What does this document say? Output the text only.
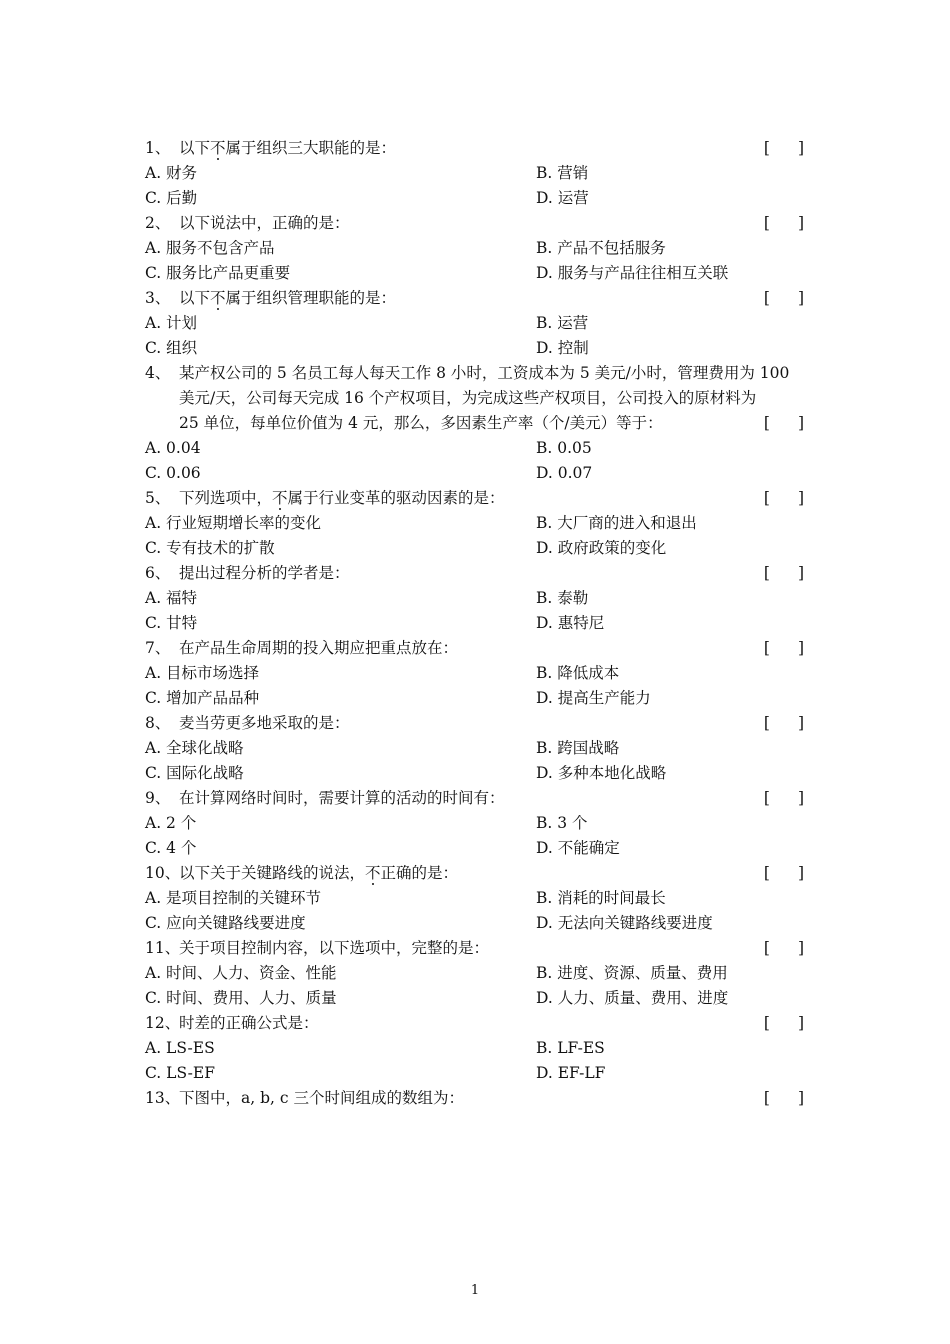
1、 以下不属于组织三大职能的是：	[ ]
A. 财务	B. 营销
C. 后勤	D. 运营
2、 以下说法中，正确的是：	[ ]
A. 服务不包含产品	B. 产品不包括服务
C. 服务比产品更重要	D. 服务与产品往往相互关联
3、 以下不属于组织管理职能的是：	[ ]
A. 计划	B. 运营
C. 组织	D. 控制
4、 某产权公司的 5 名员工每人每天工作 8 小时，工资成本为 5 美元/小时，管理费用为 100
美元/天，公司每天完成 16 个产权项目，为完成这些产权项目，公司投入的原材料为
25 单位，每单位价值为 4 元，那么，多因素生产率（个/美元）等于：	[ ]
A. 0.04	B. 0.05
C. 0.06	D. 0.07
5、 下列选项中，不属于行业变革的驱动因素的是：	[ ]
A. 行业短期增长率的变化	B. 大厂商的进入和退出
C. 专有技术的扩散	D. 政府政策的变化
6、 提出过程分析的学者是：	[ ]
A. 福特	B. 泰勒
C. 甘特	D. 惠特尼
7、 在产品生命周期的投入期应把重点放在：	[ ]
A. 目标市场选择	B. 降低成本
C. 增加产品品种	D. 提高生产能力
8、 麦当劳更多地采取的是：	[ ]
A. 全球化战略	B. 跨国战略
C. 国际化战略	D. 多种本地化战略
9、 在计算网络时间时，需要计算的活动的时间有：	[ ]
A. 2 个	B. 3 个
C. 4 个	D. 不能确定
10、以下关于关键路线的说法，不正确的是：	[ ]
A. 是项目控制的关键环节	B. 消耗的时间最长
C. 应向关键路线要进度	D. 无法向关键路线要进度
11、关于项目控制内容，以下选项中，完整的是：	[ ]
A. 时间、人力、资金、性能	B. 进度、资源、质量、费用
C. 时间、费用、人力、质量	D. 人力、质量、费用、进度
12、时差的正确公式是：	[ ]
A. LS-ES	B. LF-ES
C. LS-EF	D. EF-LF
13、下图中，a, b, c 三个时间组成的数组为：	[ ]
1
